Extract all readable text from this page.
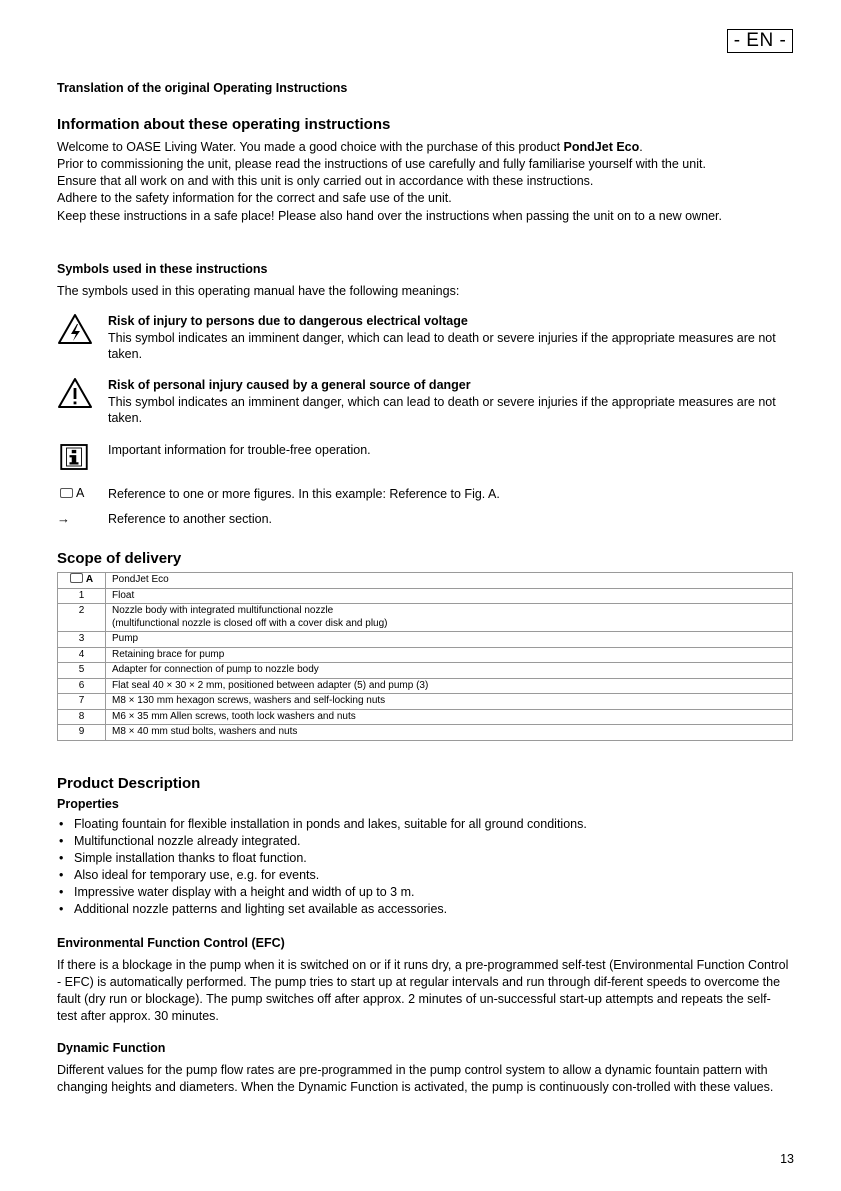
- EN -
Translation of the original Operating Instructions
Information about these operating instructions

Welcome to OASE Living Water. You made a good choice with the purchase of this product PondJet Eco.

Prior to commissioning the unit, please read the instructions of use carefully and fully familiarise yourself with the unit.

Ensure that all work on and with this unit is only carried out in accordance with these instructions.

Adhere to the safety information for the correct and safe use of the unit.

Keep these instructions in a safe place! Please also hand over the instructions when passing the unit on to a new owner.

Symbols used in these instructions

The symbols used in this operating manual have the following meanings:

Risk of injury to persons due to dangerous electrical voltage
This symbol indicates an imminent danger, which can lead to death or severe injuries if the appropriate measures are not taken.
Risk of personal injury caused by a general source of danger
This symbol indicates an imminent danger, which can lead to death or severe injuries if the appropriate measures are not taken.
Important information for trouble-free operation.
A Reference to one or more figures. In this example: Reference to Fig. A.
→	Reference to another section.
Scope of delivery
A	PondJet Eco
1	Float
2	Nozzle body with integrated multifunctional nozzle
(multifunctional nozzle is closed off with a cover disk and plug)
3	Pump
4	Retaining brace for pump
5	Adapter for connection of pump to nozzle body
6	Flat seal 40 × 30 × 2 mm, positioned between adapter (5) and pump (3)
7	M8 × 130 mm hexagon screws, washers and self-locking nuts
8	M6 × 35 mm Allen screws, tooth lock washers and nuts
9	M8 × 40 mm stud bolts, washers and nuts
Product Description
Properties
• Floating fountain for flexible installation in ponds and lakes, suitable for all ground conditions.
• Multifunctional nozzle already integrated.
• Simple installation thanks to float function.
• Also ideal for temporary use, e.g. for events.
• Impressive water display with a height and width of up to 3 m.
• Additional nozzle patterns and lighting set available as accessories.
Environmental Function Control (EFC)

If there is a blockage in the pump when it is switched on or if it runs dry, a pre-programmed self-test (Environmental Function Control - EFC) is automatically performed. The pump tries to start up at regular intervals and run through dif-ferent speeds to overcome the fault (dry run or blockage). The pump switches off after approx. 2 minutes of un-successful start-up attempts and repeats the self-test after approx. 30 minutes.

Dynamic Function

Different values for the pump flow rates are pre-programmed in the pump control system to allow a dynamic fountain pattern with changing heights and diameters. When the Dynamic Function is activated, the pump is continuously con-trolled with these values.

13
